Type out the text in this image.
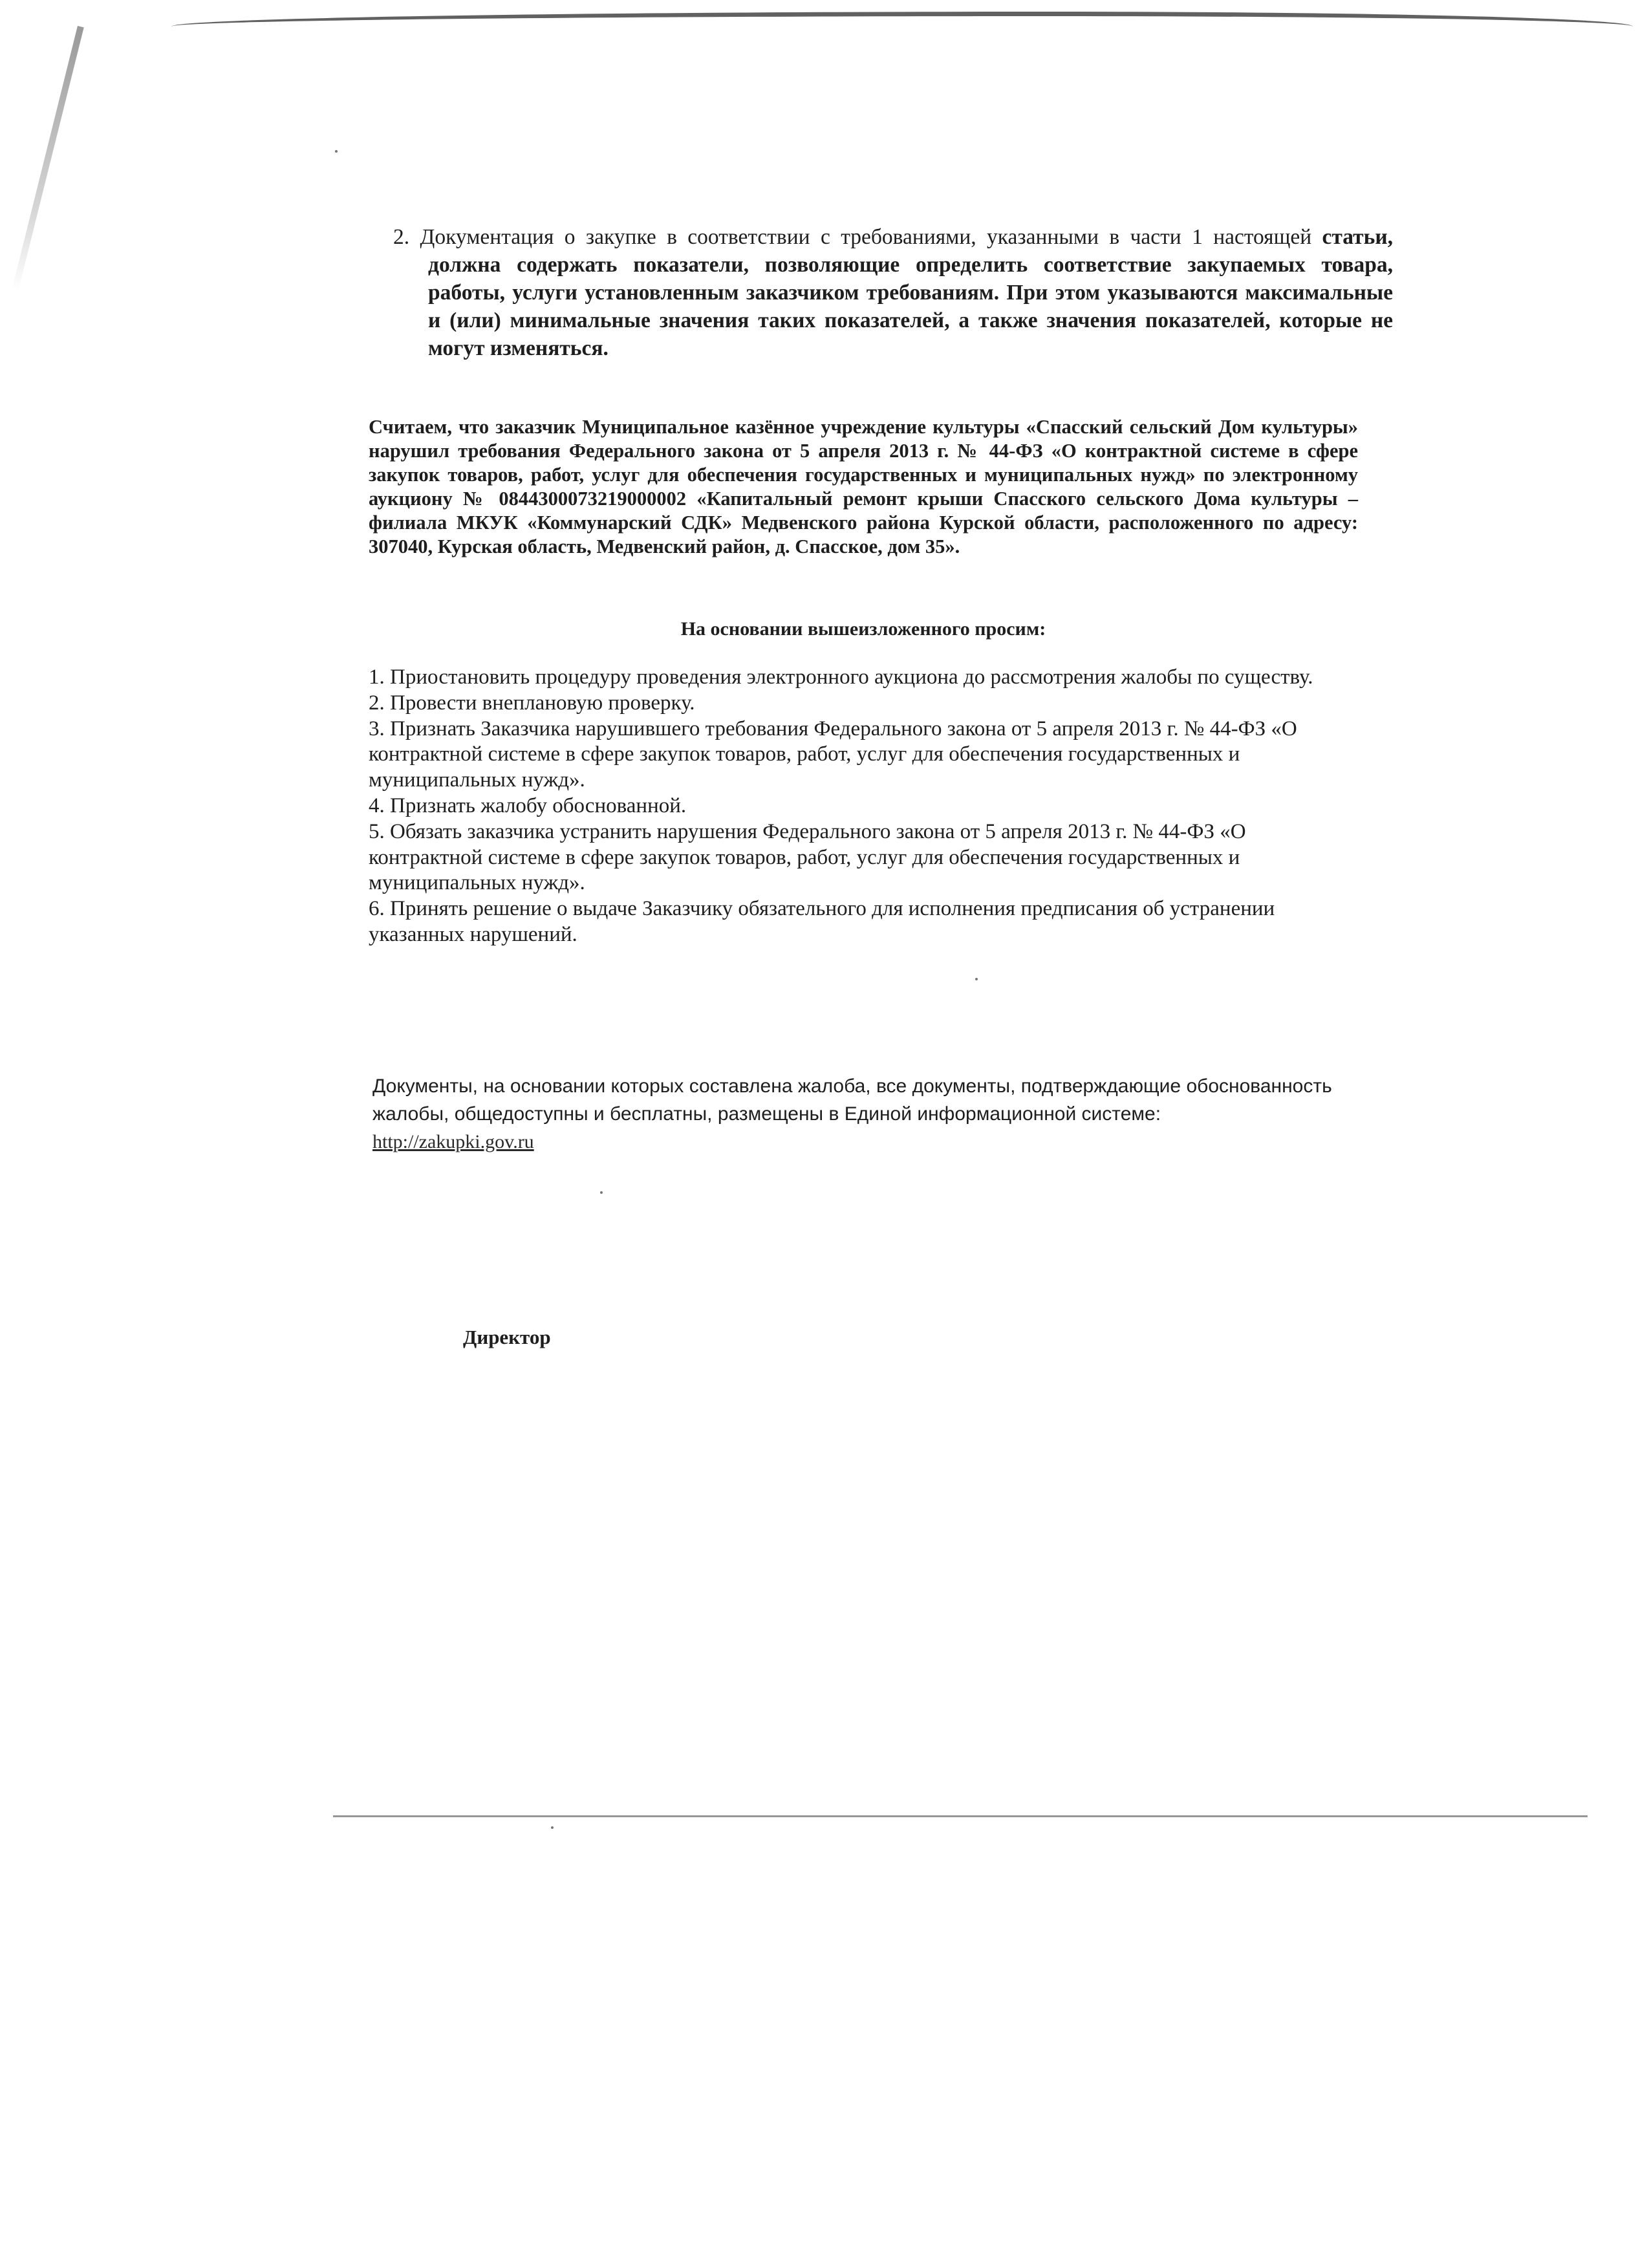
2. Документация о закупке в соответствии с требованиями, указанными в части 1 настоящей статьи, должна содержать показатели, позволяющие определить соответствие закупаемых товара, работы, услуги установленным заказчиком требованиям. При этом указываются максимальные и (или) минимальные значения таких показателей, а также значения показателей, которые не могут изменяться.
Считаем, что заказчик Муниципальное казённое учреждение культуры «Спасский сельский Дом культуры» нарушил требования Федерального закона от 5 апреля 2013 г. № 44-ФЗ «О контрактной системе в сфере закупок товаров, работ, услуг для обеспечения государственных и муниципальных нужд» по электронному аукциону № 0844300073219000002 «Капитальный ремонт крыши Спасского сельского Дома культуры – филиала МКУК «Коммунарский СДК» Медвенского района Курской области, расположенного по адресу: 307040, Курская область, Медвенский район, д. Спасское, дом 35».
На основании вышеизложенного просим:
1. Приостановить процедуру проведения электронного аукциона до рассмотрения жалобы по существу.
2. Провести внеплановую проверку.
3. Признать Заказчика нарушившего требования Федерального закона от 5 апреля 2013 г. № 44-ФЗ «О контрактной системе в сфере закупок товаров, работ, услуг для обеспечения государственных и муниципальных нужд».
4. Признать жалобу обоснованной.
5. Обязать заказчика устранить нарушения Федерального закона от 5 апреля 2013 г. № 44-ФЗ «О контрактной системе в сфере закупок товаров, работ, услуг для обеспечения государственных и муниципальных нужд».
6. Принять решение о выдаче Заказчику обязательного для исполнения предписания об устранении указанных нарушений.
Документы, на основании которых составлена жалоба, все документы, подтверждающие обоснованность жалобы, общедоступны и бесплатны, размещены в Единой информационной системе:
http://zakupki.gov.ru
Директор
